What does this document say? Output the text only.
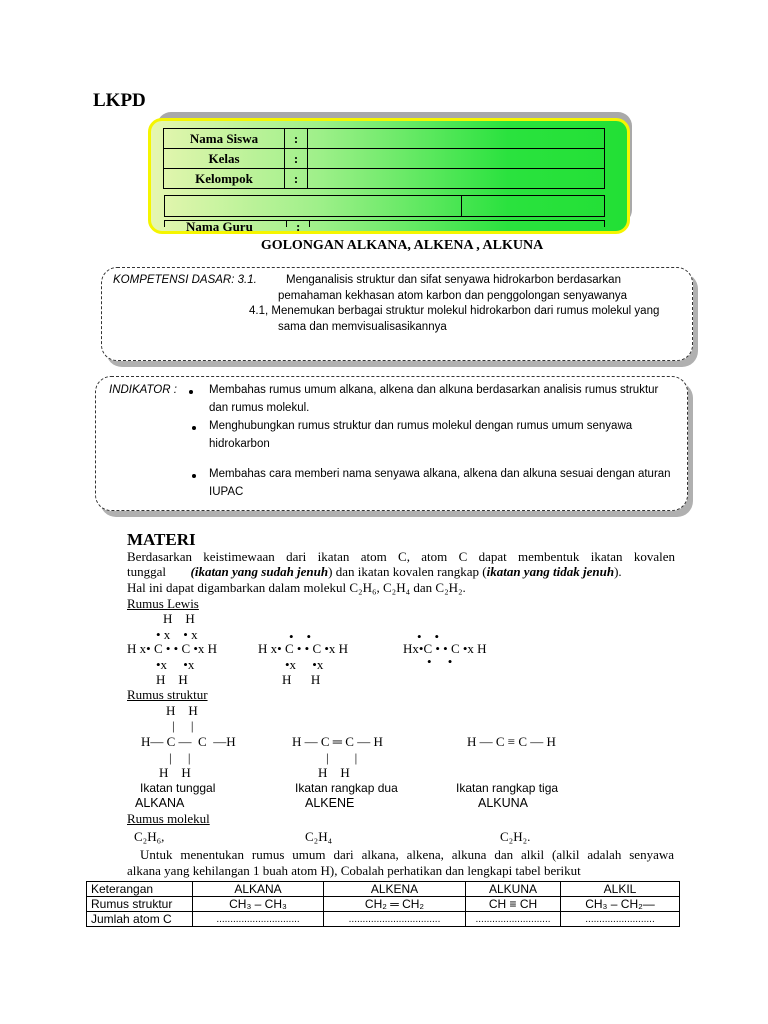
LKPD
Nama Siswa	:	
Kelas	:	
Kelompok	:	

Nama Guru	:
GOLONGAN ALKANA, ALKENA , ALKUNA
KOMPETENSI DASAR: 3.1.	Menganalisis struktur dan sifat senyawa hidrokarbon berdasarkan
pemahaman kekhasan atom karbon dan penggolongan senyawanya
4.1, Menemukan berbagai struktur molekul hidrokarbon dari rumus molekul yang
sama dan memvisualisasikannya
INDIKATOR :	Membahas rumus umum alkana, alkena dan alkuna berdasarkan analisis rumus struktur
dan rumus molekul.
Menghubungkan rumus struktur dan rumus molekul dengan rumus umum senyawa
hidrokarbon
Membahas cara memberi nama senyawa alkana, alkena dan alkuna sesuai dengan aturan
IUPAC
MATERI
Berdasarkan keistimewaan dari ikatan atom C, atom C dapat membentuk ikatan kovalen
tunggal (ikatan yang sudah jenuh) dan ikatan kovalen rangkap (ikatan yang tidak jenuh).
Hal ini dapat digambarkan dalam molekul C₂H₆, C₂H₄ dan C₂H₂.
Rumus Lewis
H    H
• x    • x
H x• C • • C •x H
•x     •x
H    H
•    •
H x• C • • C •x H
•x     •x
H      H
•    •
Hx•C • • C •x H
•     •
Rumus struktur
H    H
|     |
H— C —  C  —H
|     |
H    H
H — C ═ C — H
|        |
H    H
H — C ≡ C — H
Ikatan tunggal
ALKANA
Ikatan rangkap dua
ALKENE
Ikatan rangkap tiga
ALKUNA
Rumus molekul
C₂H₆,	C₂H₄	C₂H₂.
Untuk menentukan rumus umum dari alkana, alkena, alkuna dan alkil (alkil adalah senyawa
alkana yang kehilangan 1 buah atom H), Cobalah perhatikan dan lengkapi tabel berikut
Keterangan	ALKANA	ALKENA	ALKUNA	ALKIL
Rumus struktur	CH₃ – CH₃	CH₂ ═ CH₂	CH ≡ CH	CH₃ – CH₂—
Jumlah atom C	..............................	.................................	...........................	.........................
